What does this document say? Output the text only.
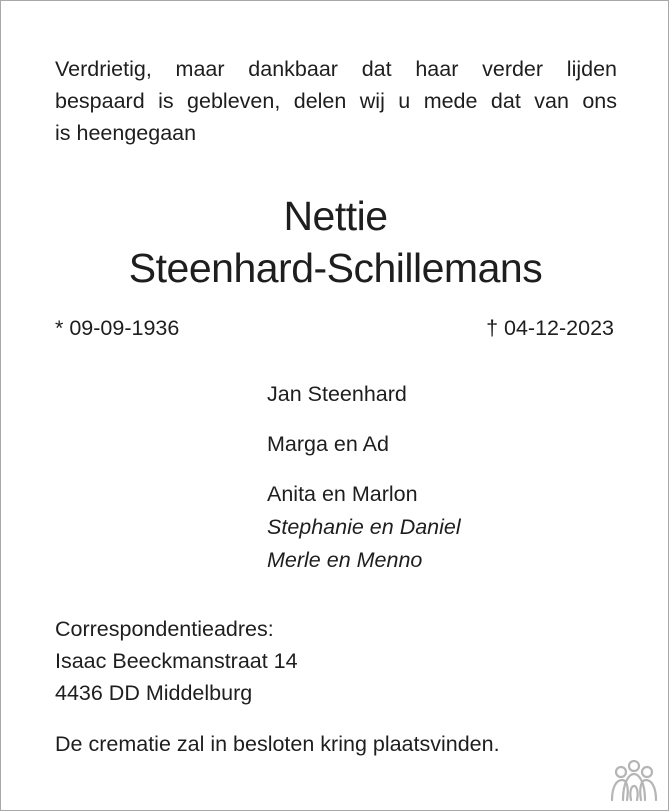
Verdrietig, maar dankbaar dat haar verder lijden
bespaard is gebleven, delen wij u mede dat van ons
is heengegaan
Nettie
Steenhard-Schillemans
* 09-09-1936	† 04-12-2023
Jan Steenhard
Marga en Ad
Anita en Marlon
Stephanie en Daniel
Merle en Menno
Correspondentieadres:
Isaac Beeckmanstraat 14
4436 DD Middelburg
De crematie zal in besloten kring plaatsvinden.
